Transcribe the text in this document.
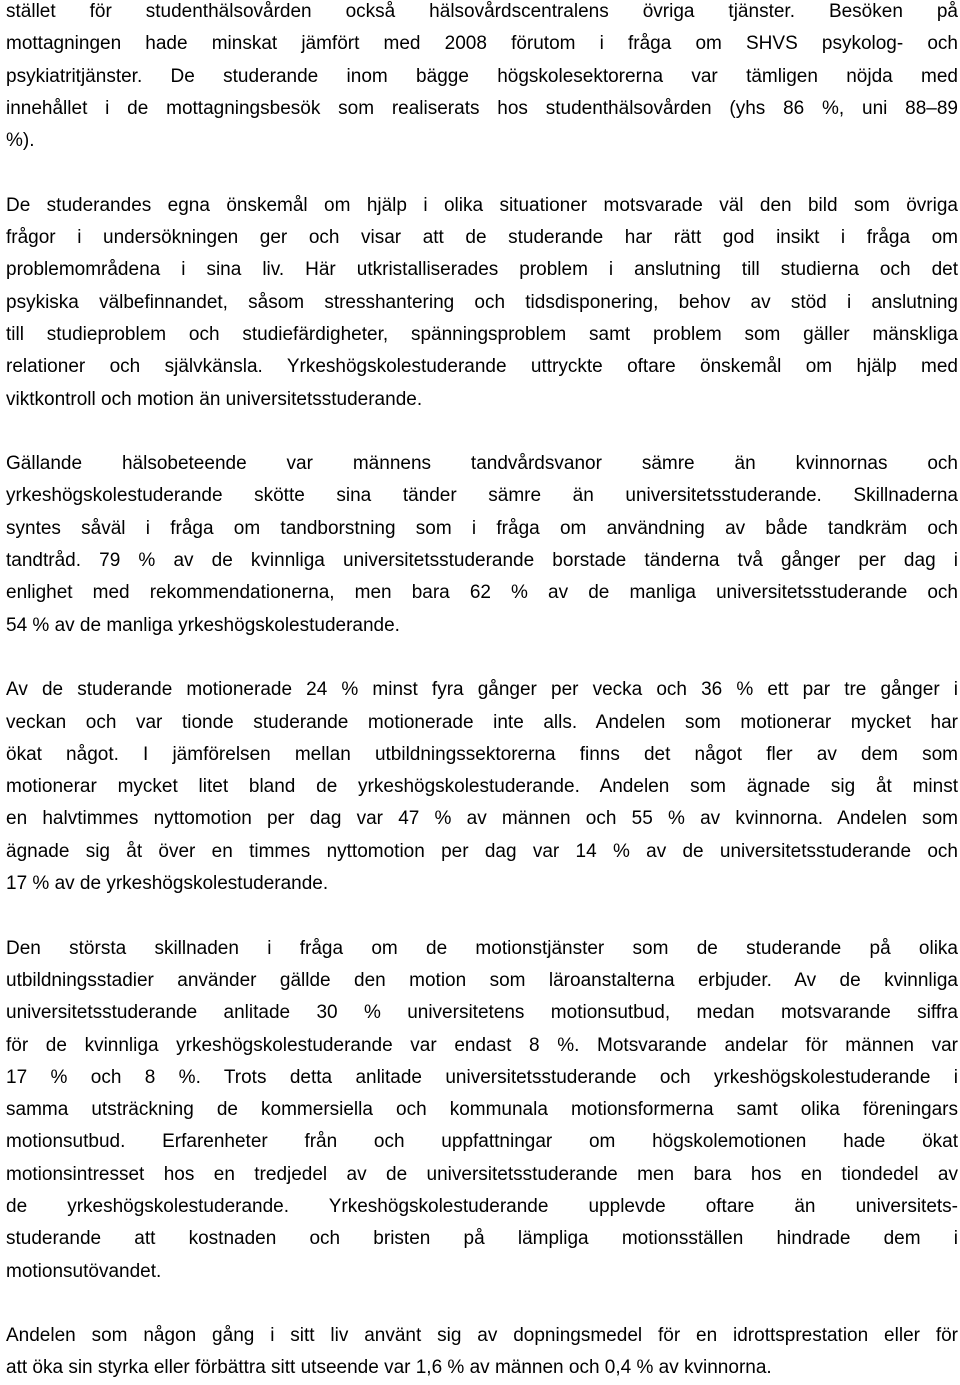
stället för studenthälsovården också hälsovårdscentralens övriga tjänster. Besöken på
mottagningen hade minskat jämfört med 2008 förutom i fråga om SHVS psykolog- och
psykiatritjänster. De studerande inom bägge högskolesektorerna var tämligen nöjda med
innehållet i de mottagningsbesök som realiserats hos studenthälsovården (yhs 86 %, uni 88–89
%).

De studerandes egna önskemål om hjälp i olika situationer motsvarade väl den bild som övriga
frågor i undersökningen ger och visar att de studerande har rätt god insikt i fråga om
problemområdena i sina liv. Här utkristalliserades problem i anslutning till studierna och det
psykiska välbefinnandet, såsom stresshantering och tidsdisponering, behov av stöd i anslutning
till studieproblem och studiefärdigheter, spänningsproblem samt problem som gäller mänskliga
relationer och självkänsla. Yrkeshögskolestuderande uttryckte oftare önskemål om hjälp med
viktkontroll och motion än universitetsstuderande.

Gällande hälsobeteende var männens tandvårdsvanor sämre än kvinnornas och
yrkeshögskolestuderande skötte sina tänder sämre än universitetsstuderande. Skillnaderna
syntes såväl i fråga om tandborstning som i fråga om användning av både tandkräm och
tandtråd. 79 % av de kvinnliga universitetsstuderande borstade tänderna två gånger per dag i
enlighet med rekommendationerna, men bara 62 % av de manliga universitetsstuderande och
54 % av de manliga yrkeshögskolestuderande.

Av de studerande motionerade 24 % minst fyra gånger per vecka och 36 % ett par tre gånger i
veckan och var tionde studerande motionerade inte alls. Andelen som motionerar mycket har
ökat något. I jämförelsen mellan utbildningssektorerna finns det något fler av dem som
motionerar mycket litet bland de yrkeshögskolestuderande. Andelen som ägnade sig åt minst
en halvtimmes nyttomotion per dag var 47 % av männen och 55 % av kvinnorna. Andelen som
ägnade sig åt över en timmes nyttomotion per dag var 14 % av de universitetsstuderande och
17 % av de yrkeshögskolestuderande.

Den största skillnaden i fråga om de motionstjänster som de studerande på olika
utbildningsstadier använder gällde den motion som läroanstalterna erbjuder. Av de kvinnliga
universitetsstuderande anlitade 30 % universitetens motionsutbud, medan motsvarande siffra
för de kvinnliga yrkeshögskolestuderande var endast 8 %. Motsvarande andelar för männen var
17 % och 8 %. Trots detta anlitade universitetsstuderande och yrkeshögskolestuderande i
samma utsträckning de kommersiella och kommunala motionsformerna samt olika föreningars
motionsutbud. Erfarenheter från och uppfattningar om högskolemotionen hade ökat
motionsintresset hos en tredjedel av de universitetsstuderande men bara hos en tiondedel av
de yrkeshögskolestuderande. Yrkeshögskolestuderande upplevde oftare än universitets-
studerande att kostnaden och bristen på lämpliga motionsställen hindrade dem i
motionsutövandet.

Andelen som någon gång i sitt liv använt sig av dopningsmedel för en idrottsprestation eller för
att öka sin styrka eller förbättra sitt utseende var 1,6 % av männen och 0,4 % av kvinnorna.
